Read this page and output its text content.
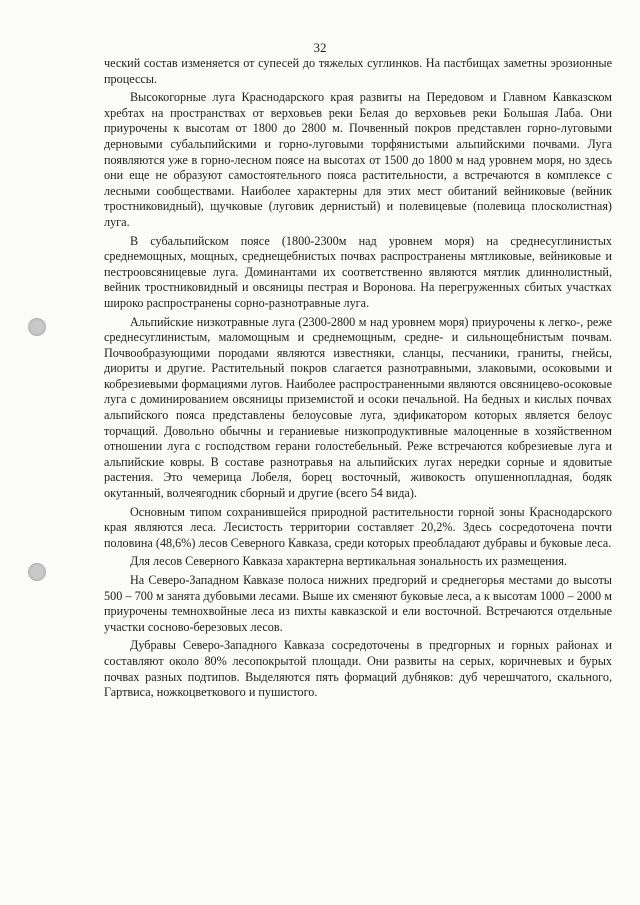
32

ческий состав изменяется от супесей до тяжелых суглинков. На пастбищах заметны эрозионные процессы.

Высокогорные луга Краснодарского края развиты на Передовом и Главном Кавказском хребтах на пространствах от верховьев реки Белая до верховьев реки Большая Лаба. Они приурочены к высотам от 1800 до 2800 м. Почвенный покров представлен горно-луговыми дерновыми субальпийскими и горно-луговыми торфянистыми альпийскими почвами. Луга появляются уже в горно-лесном поясе на высотах от 1500 до 1800 м над уровнем моря, но здесь они еще не образуют самостоятельного пояса растительности, а встречаются в комплексе с лесными сообществами. Наиболее характерны для этих мест обитаний вейниковые (вейник тростниковидный), щучковые (луговик дернистый) и полевицевые (полевица плосколистная) луга.

В субальпийском поясе (1800-2300м над уровнем моря) на среднесуглинистых среднемощных, мощных, среднещебнистых почвах распространены мятликовые, вейниковые и пестроовсяницевые луга. Доминантами их соответственно являются мятлик длиннолистный, вейник тростниковидный и овсяницы пестрая и Воронова. На перегруженных сбитых участках широко распространены сорно-разнотравные луга.

Альпийские низкотравные луга (2300-2800 м над уровнем моря) приурочены к легко-, реже среднесуглинистым, маломощным и среднемощным, средне- и сильнощебнистым почвам. Почвообразующими породами являются известняки, сланцы, песчаники, граниты, гнейсы, диориты и другие. Растительный покров слагается разнотравными, злаковыми, осоковыми и кобрезиевыми формациями лугов. Наиболее распространенными являются овсяницево-осоковые луга с доминированием овсяницы приземистой и осоки печальной. На бедных и кислых почвах альпийского пояса представлены белоусовые луга, эдификатором которых является белоус торчащий. Довольно обычны и гераниевые низкопродуктивные малоценные в хозяйственном отношении луга с господством герани голостебельный. Реже встречаются кобрезиевые луга и альпийские ковры. В составе разнотравья на альпийских лугах нередки сорные и ядовитые растения. Это чемерица Лобеля, борец восточный, живокость опушеннопладная, бодяк окутанный, волчеягодник сборный и другие (всего 54 вида).

Основным типом сохранившейся природной растительности горной зоны Краснодарского края являются леса. Лесистость территории составляет 20,2%. Здесь сосредоточена почти половина (48,6%) лесов Северного Кавказа, среди которых преобладают дубравы и буковые леса.

Для лесов Северного Кавказа характерна вертикальная зональность их размещения.

На Северо-Западном Кавказе полоса нижних предгорий и среднегорья местами до высоты 500 – 700 м занята дубовыми лесами. Выше их сменяют буковые леса, а к высотам 1000 – 2000 м приурочены темнохвойные леса из пихты кавказской и ели восточной. Встречаются отдельные участки сосново-березовых лесов.

Дубравы Северо-Западного Кавказа сосредоточены в предгорных и горных районах и составляют около 80% лесопокрытой площади. Они развиты на серых, коричневых и бурых почвах разных подтипов. Выделяются пять формаций дубняков: дуб черешчатого, скального, Гартвиса, ножкоцветкового и пушистого.
